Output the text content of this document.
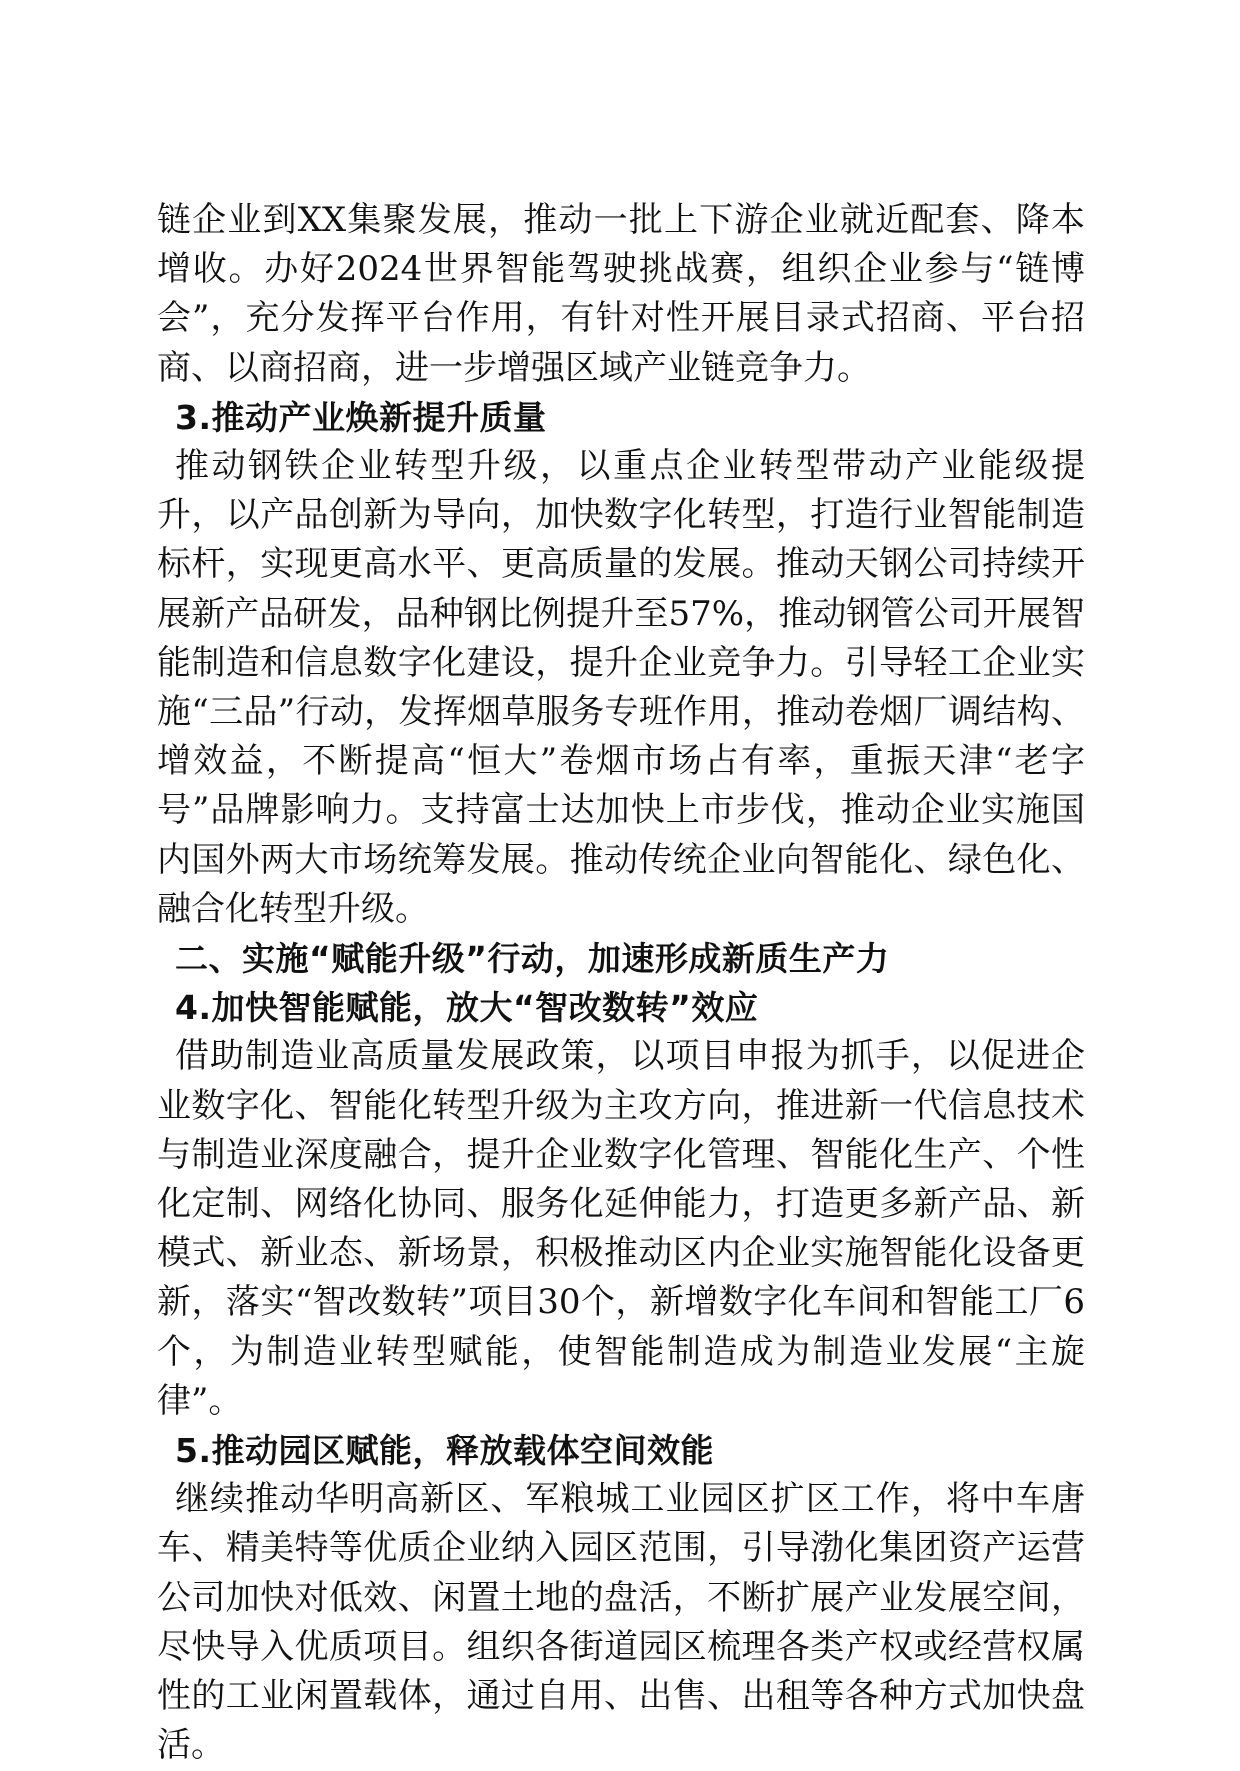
链企业到XX集聚发展，推动一批上下游企业就近配套、降本增收。办好2024世界智能驾驶挑战赛，组织企业参与“链博会”，充分发挥平台作用，有针对性开展目录式招商、平台招商、以商招商，进一步增强区域产业链竞争力。

3.推动产业焕新提升质量

推动钢铁企业转型升级，以重点企业转型带动产业能级提升，以产品创新为导向，加快数字化转型，打造行业智能制造标杆，实现更高水平、更高质量的发展。推动天钢公司持续开展新产品研发，品种钢比例提升至57%，推动钢管公司开展智能制造和信息数字化建设，提升企业竞争力。引导轻工企业实施“三品”行动，发挥烟草服务专班作用，推动卷烟厂调结构、增效益，不断提高“恒大”卷烟市场占有率，重振天津“老字号”品牌影响力。支持富士达加快上市步伐，推动企业实施国内国外两大市场统筹发展。推动传统企业向智能化、绿色化、融合化转型升级。

二、实施“赋能升级”行动，加速形成新质生产力

4.加快智能赋能，放大“智改数转”效应

借助制造业高质量发展政策，以项目申报为抓手，以促进企业数字化、智能化转型升级为主攻方向，推进新一代信息技术与制造业深度融合，提升企业数字化管理、智能化生产、个性化定制、网络化协同、服务化延伸能力，打造更多新产品、新模式、新业态、新场景，积极推动区内企业实施智能化设备更新，落实“智改数转”项目30个，新增数字化车间和智能工厂6个，为制造业转型赋能，使智能制造成为制造业发展“主旋律”。

5.推动园区赋能，释放载体空间效能

继续推动华明高新区、军粮城工业园区扩区工作，将中车唐车、精美特等优质企业纳入园区范围，引导渤化集团资产运营公司加快对低效、闲置土地的盘活，不断扩展产业发展空间，尽快导入优质项目。组织各街道园区梳理各类产权或经营权属性的工业闲置载体，通过自用、出售、出租等各种方式加快盘活。
